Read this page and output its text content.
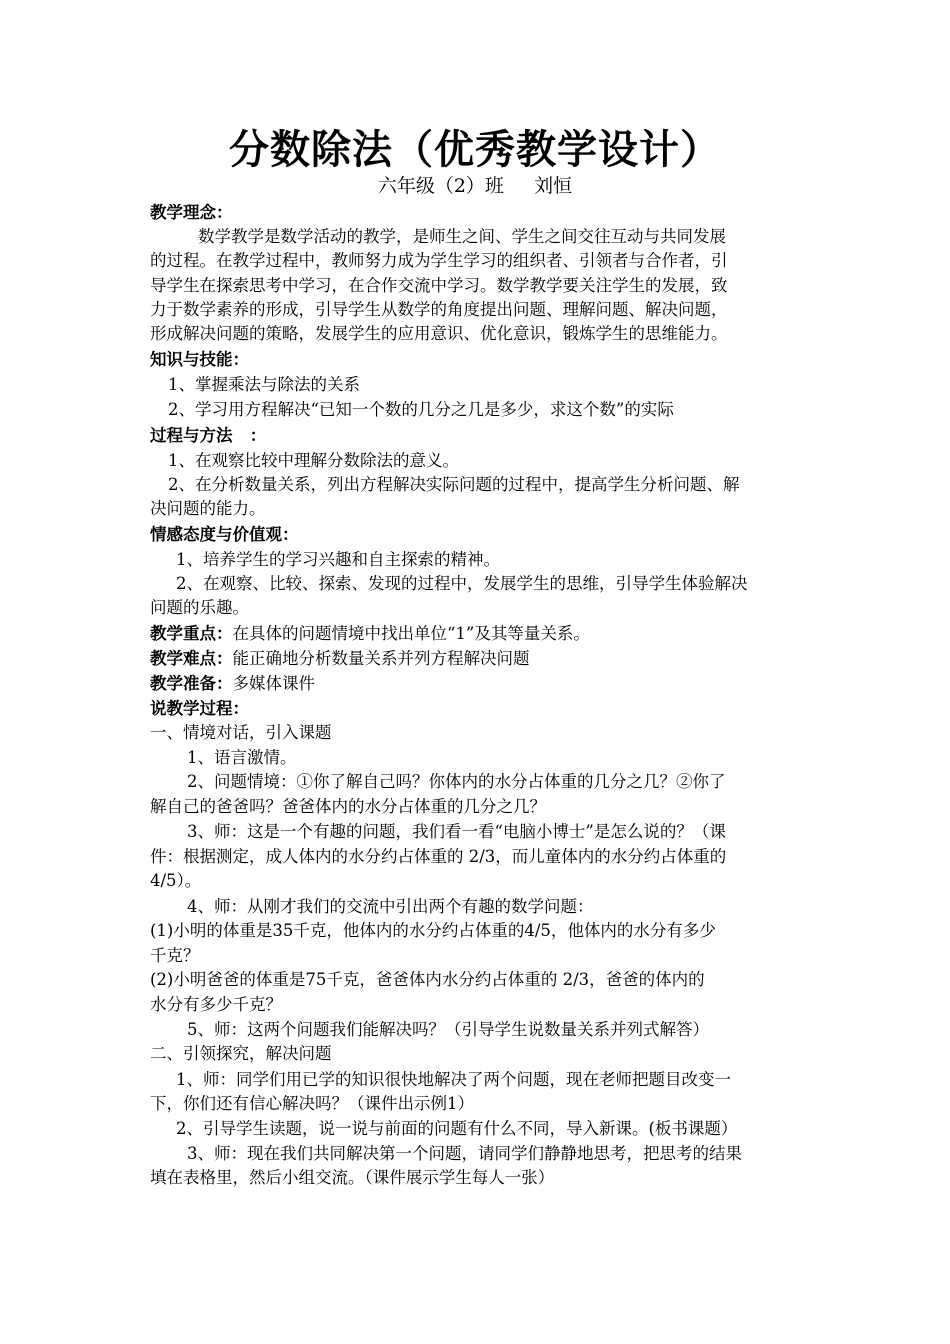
分数除法（优秀教学设计）
六年级（2）班     刘恒
教学理念：
数学教学是数学活动的教学，是师生之间、学生之间交往互动与共同发展
的过程。在教学过程中，教师努力成为学生学习的组织者、引领者与合作者，引
导学生在探索思考中学习，在合作交流中学习。数学教学要关注学生的发展，致
力于数学素养的形成，引导学生从数学的角度提出问题、理解问题、解决问题，
形成解决问题的策略，发展学生的应用意识、优化意识，锻炼学生的思维能力。
知识与技能：
1、掌握乘法与除法的关系
2、学习用方程解决“已知一个数的几分之几是多少，求这个数”的实际
过程与方法   ：
1、在观察比较中理解分数除法的意义。
2、在分析数量关系，列出方程解决实际问题的过程中，提高学生分析问题、解
决问题的能力。
情感态度与价值观：
1、培养学生的学习兴趣和自主探索的精神。
2、在观察、比较、探索、发现的过程中，发展学生的思维，引导学生体验解决
问题的乐趣。
教学重点：在具体的问题情境中找出单位“1”及其等量关系。
教学难点：能正确地分析数量关系并列方程解决问题
教学准备：多媒体课件
说教学过程：
一、情境对话，引入课题
1、语言激情。
2、问题情境：①你了解自己吗？你体内的水分占体重的几分之几？②你了
解自己的爸爸吗？爸爸体内的水分占体重的几分之几？
3、师：这是一个有趣的问题，我们看一看“电脑小博士”是怎么说的？（课
件：根据测定，成人体内的水分约占体重的 2/3，而儿童体内的水分约占体重的
4/5）。
4、师：从刚才我们的交流中引出两个有趣的数学问题：
(1)小明的体重是35千克，他体内的水分约占体重的4/5，他体内的水分有多少
千克？
(2)小明爸爸的体重是75千克，爸爸体内水分约占体重的 2/3，爸爸的体内的
水分有多少千克？
5、师：这两个问题我们能解决吗？（引导学生说数量关系并列式解答）
二、引领探究，解决问题
1、师：同学们用已学的知识很快地解决了两个问题，现在老师把题目改变一
下，你们还有信心解决吗？（课件出示例1）
2、引导学生读题，说一说与前面的问题有什么不同，导入新课。(板书课题）
3、师：现在我们共同解决第一个问题，请同学们静静地思考，把思考的结果
填在表格里，然后小组交流。（课件展示学生每人一张）
